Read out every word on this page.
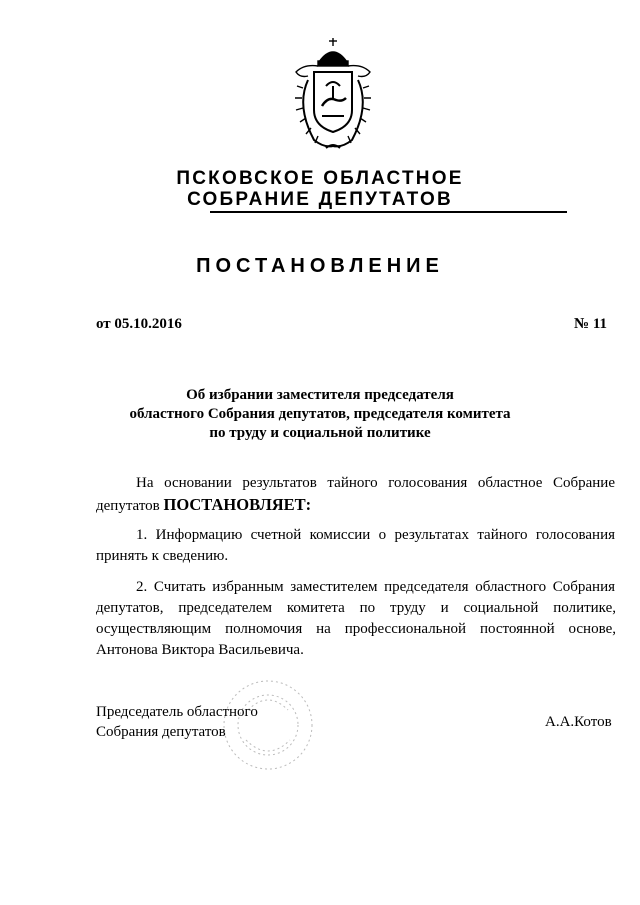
ПСКОВСКОЕ ОБЛАСТНОЕ
СОБРАНИЕ ДЕПУТАТОВ
ПОСТАНОВЛЕНИЕ
от 05.10.2016	№ 11
Об избрании заместителя председателя
областного Собрания депутатов, председателя комитета
по труду и социальной политике
На основании результатов тайного голосования областное Собрание
депутатов ПОСТАНОВЛЯЕТ:
1. Информацию счетной комиссии о результатах тайного голосования
принять к сведению.
2. Считать избранным заместителем председателя областного Собрания
депутатов, председателем комитета по труду и социальной политике,
осуществляющим полномочия на профессиональной постоянной основе,
Антонова Виктора Васильевича.
Председатель областного
Собрания депутатов
А.А.Котов
